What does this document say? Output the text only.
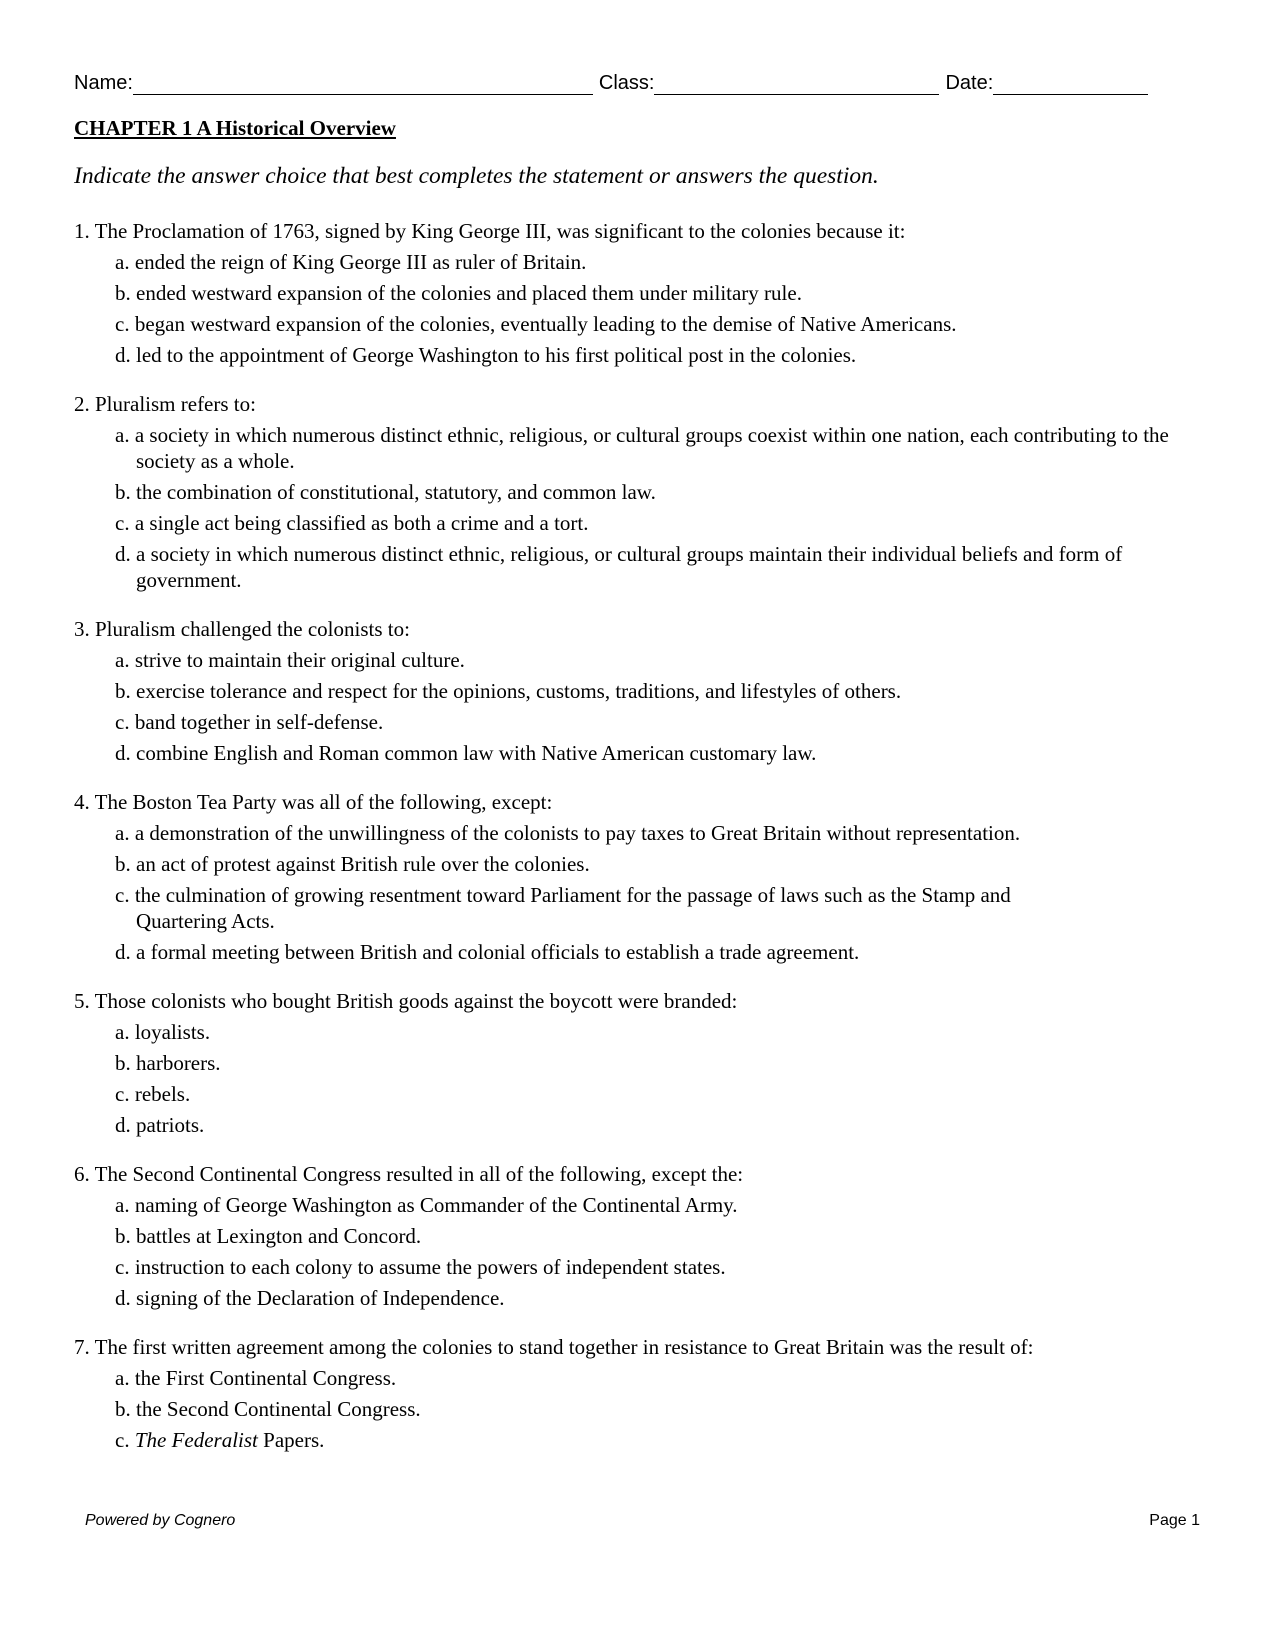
Name:	Class:	Date:
CHAPTER 1 A Historical Overview

Indicate the answer choice that best completes the statement or answers the question.

1. The Proclamation of 1763, signed by King George III, was significant to the colonies because it:
a. ended the reign of King George III as ruler of Britain.
b. ended westward expansion of the colonies and placed them under military rule.
c. began westward expansion of the colonies, eventually leading to the demise of Native Americans.
d. led to the appointment of George Washington to his first political post in the colonies.
2. Pluralism refers to:
a. a society in which numerous distinct ethnic, religious, or cultural groups coexist within one nation, each contributing to the society as a whole.
b. the combination of constitutional, statutory, and common law.
c. a single act being classified as both a crime and a tort.
d. a society in which numerous distinct ethnic, religious, or cultural groups maintain their individual beliefs and form of government.
3. Pluralism challenged the colonists to:
a. strive to maintain their original culture.
b. exercise tolerance and respect for the opinions, customs, traditions, and lifestyles of others.
c. band together in self-defense.
d. combine English and Roman common law with Native American customary law.
4. The Boston Tea Party was all of the following, except:
a. a demonstration of the unwillingness of the colonists to pay taxes to Great Britain without representation.
b. an act of protest against British rule over the colonies.
c. the culmination of growing resentment toward Parliament for the passage of laws such as the Stamp and Quartering Acts.
d. a formal meeting between British and colonial officials to establish a trade agreement.
5. Those colonists who bought British goods against the boycott were branded:
a. loyalists.
b. harborers.
c. rebels.
d. patriots.
6. The Second Continental Congress resulted in all of the following, except the:
a. naming of George Washington as Commander of the Continental Army.
b. battles at Lexington and Concord.
c. instruction to each colony to assume the powers of independent states.
d. signing of the Declaration of Independence.
7. The first written agreement among the colonies to stand together in resistance to Great Britain was the result of:
a. the First Continental Congress.
b. the Second Continental Congress.
c. The Federalist Papers.
Powered by Cognero	Page 1
